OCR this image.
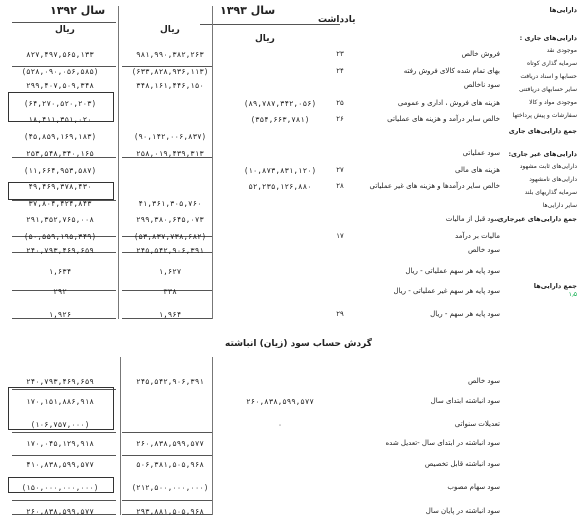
سال ۱۳۹۳
سال ۱۳۹۲
یادداشت
ریال
ریال
ریال
گردش حساب سود (زیان) انباشته
دارایی‌ها
دارایی‌های جاری :
جمع دارایی‌های جاری
دارایی‌های غیر جاری:
جمع دارایی‌های غیرجاری
جمع دارایی‌ها
۱٫۵
فروش خالص
۲۳
۹۸۱,۹۹۰,۳۸۲,۲۶۳
۸۲۷,۴۹۷,۵۶۵,۱۳۳
بهای تمام شده کالای فروش رفته
۲۴
(۶۳۳,۸۲۸,۹۳۶,۱۱۳)
(۵۲۸,۰۹۰,۰۵۶,۵۸۵)
سود ناخالص
۳۴۸,۱۶۱,۴۴۶,۱۵۰
۲۹۹,۴۰۷,۵۰۹,۳۴۸
هزینه های فروش ، اداری و عمومی
۲۵
(۸۹,۷۸۷,۳۴۲,۰۵۶)
(۶۴,۲۷۰,۵۲۰,۲۰۳)
خالص سایر درآمد و هزینه های عملیاتی
۲۶
(۳۵۴,۶۶۳,۷۸۱)
۱۸,۴۱۱,۳۵۱,۰۲۰
(۹۰,۱۴۲,۰۰۶,۸۳۷)
(۴۵,۸۵۹,۱۶۹,۱۸۳)
سود عملیاتی
۲۵۸,۰۱۹,۴۳۹,۳۱۳
۲۵۳,۵۴۸,۳۴۰,۱۶۵
هزینه های مالی
۲۷
(۱۰,۸۷۳,۸۳۱,۱۲۰)
(۱۱,۶۶۴,۹۵۳,۵۸۷)
خالص سایر درآمدها و هزینه های غیر عملیاتی
۲۸
۵۲,۲۳۵,۱۲۶,۸۸۰
۴۹,۴۶۹,۳۷۸,۴۳۰
۴۱,۳۶۱,۳۰۵,۷۶۰
۳۷,۸۰۴,۴۲۴,۸۴۳
سود قبل از مالیات
۲۹۹,۳۸۰,۶۴۵,۰۷۳
۲۹۱,۳۵۲,۷۶۵,۰۰۸
مالیات بر درآمد
۱۷
(۵۳,۸۳۷,۷۳۸,۶۸۲)
(۵۰,۵۵۹,۱۹۵,۳۴۹)
سود خالص
۲۴۵,۵۴۲,۹۰۶,۳۹۱
۲۴۰,۷۹۳,۴۶۹,۶۵۹
سود پایه هر سهم عملیاتی - ریال
۱,۶۲۷
۱,۶۳۴
سود پایه هر سهم غیر عملیاتی - ریال
۳۳۸
۲۹۲
سود پایه هر سهم - ریال
۲۹
۱,۹۶۴
۱,۹۲۶
سود خالص
۲۴۵,۵۴۲,۹۰۶,۳۹۱
۲۴۰,۷۹۳,۴۶۹,۶۵۹
سود انباشته ابتدای سال
۲۶۰,۸۳۸,۵۹۹,۵۷۷
۱۷۰,۱۵۱,۸۸۶,۹۱۸
تعدیلات سنواتی
۰
(۱۰۶,۷۵۷,۰۰۰)
سود انباشته در ابتدای سال -تعدیل شده
۲۶۰,۸۳۸,۵۹۹,۵۷۷
۱۷۰,۰۴۵,۱۲۹,۹۱۸
سود انباشته قابل تخصیص
۵۰۶,۳۸۱,۵۰۵,۹۶۸
۴۱۰,۸۳۸,۵۹۹,۵۷۷
سود سهام مصوب
(۲۱۲,۵۰۰,۰۰۰,۰۰۰)
(۱۵۰,۰۰۰,۰۰۰,۰۰۰)
سود انباشته در پایان سال
۲۹۳,۸۸۱,۵۰۵,۹۶۸
۲۶۰,۸۳۸,۵۹۹,۵۷۷
موجودی نقد
سرمایه گذاری کوتاه
حسابها و اسناد دریافت
سایر حسابهای دریافتنی
موجودی مواد و کالا
سفارشات و پیش پرداختها
دارایی‌های ثابت مشهود
دارایی‌های نامشهود
سرمایه گذاریهای بلند
سایر دارایی‌ها
